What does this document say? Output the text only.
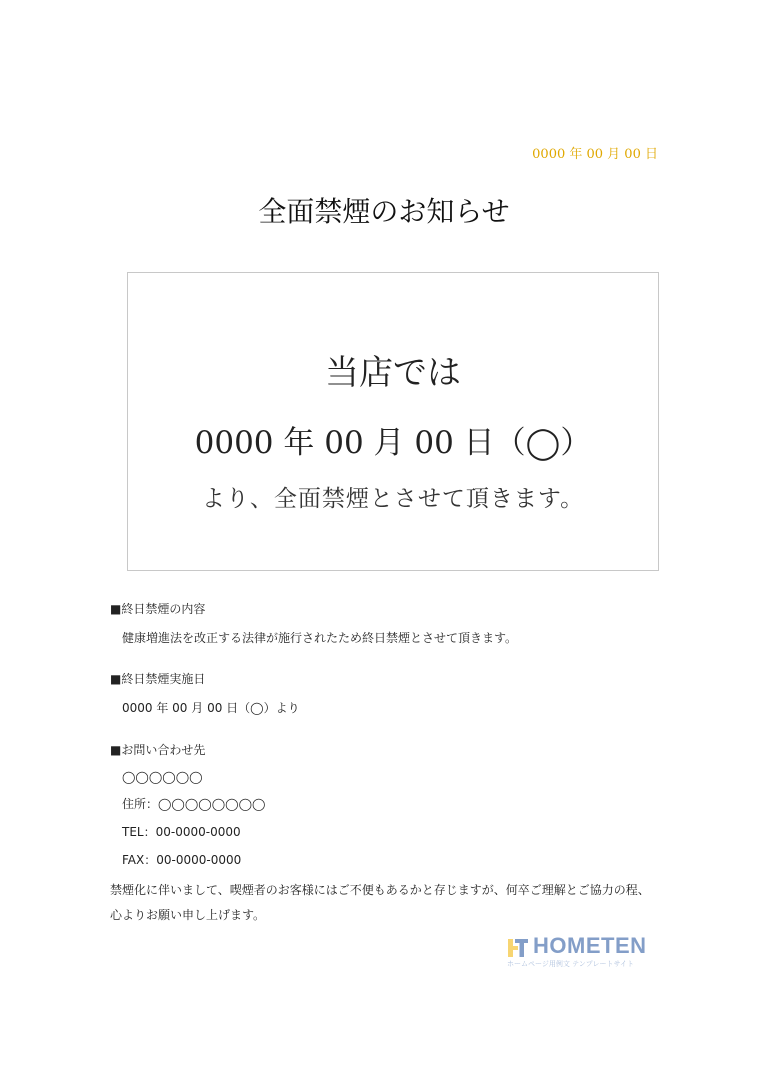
0000 年 00 月 00 日
全面禁煙のお知らせ
当店では
0000 年 00 月 00 日（◯）
より、全面禁煙とさせて頂きます。

■終日禁煙の内容

健康増進法を改正する法律が施行されたため終日禁煙とさせて頂きます。

■終日禁煙実施日

0000 年 00 月 00 日（◯）より

■お問い合わせ先

◯◯◯◯◯◯

住所：◯◯◯◯◯◯◯◯

TEL：00-0000-0000

FAX：00-0000-0000

禁煙化に伴いまして、喫煙者のお客様にはご不便もあるかと存じますが、何卒ご理解とご協力の程、心よりお願い申し上げます。
HOMETEN
ホームページ用例文 テンプレートサイト
